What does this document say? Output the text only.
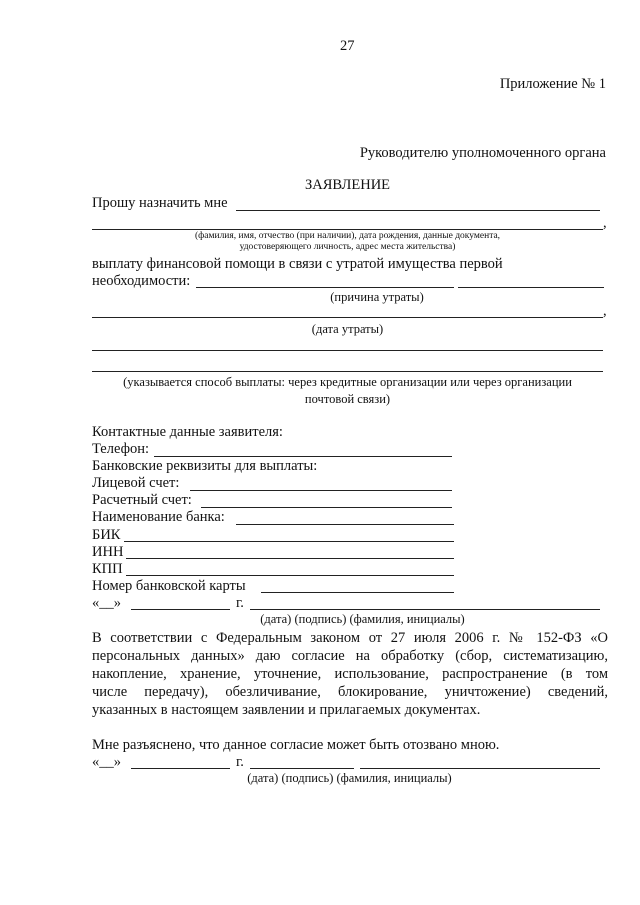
27
Приложение № 1
Руководителю уполномоченного органа
ЗАЯВЛЕНИЕ
Прошу назначить мне
,
(фамилия, имя, отчество (при наличии), дата рождения, данные документа,
удостоверяющего личность, адрес места жительства)
выплату финансовой помощи в связи с утратой имущества первой
необходимости:
(причина утраты)
,
(дата утраты)
(указывается способ выплаты: через кредитные организации или через организации
почтовой связи)
Контактные данные заявителя:
Телефон:
Банковские реквизиты для выплаты:
Лицевой счет:
Расчетный счет:
Наименование банка:
БИК
ИНН
КПП
Номер банковской карты
«__»	г.
(дата) (подпись) (фамилия, инициалы)
В соответствии с Федеральным законом от 27 июля 2006 г. № 152-ФЗ «О
персональных данных» даю согласие на обработку (сбор, систематизацию,
накопление, хранение, уточнение, использование, распространение (в том
числе передачу), обезличивание, блокирование, уничтожение) сведений,
указанных в настоящем заявлении и прилагаемых документах.
Мне разъяснено, что данное согласие может быть отозвано мною.
«__»	г.
(дата) (подпись) (фамилия, инициалы)
